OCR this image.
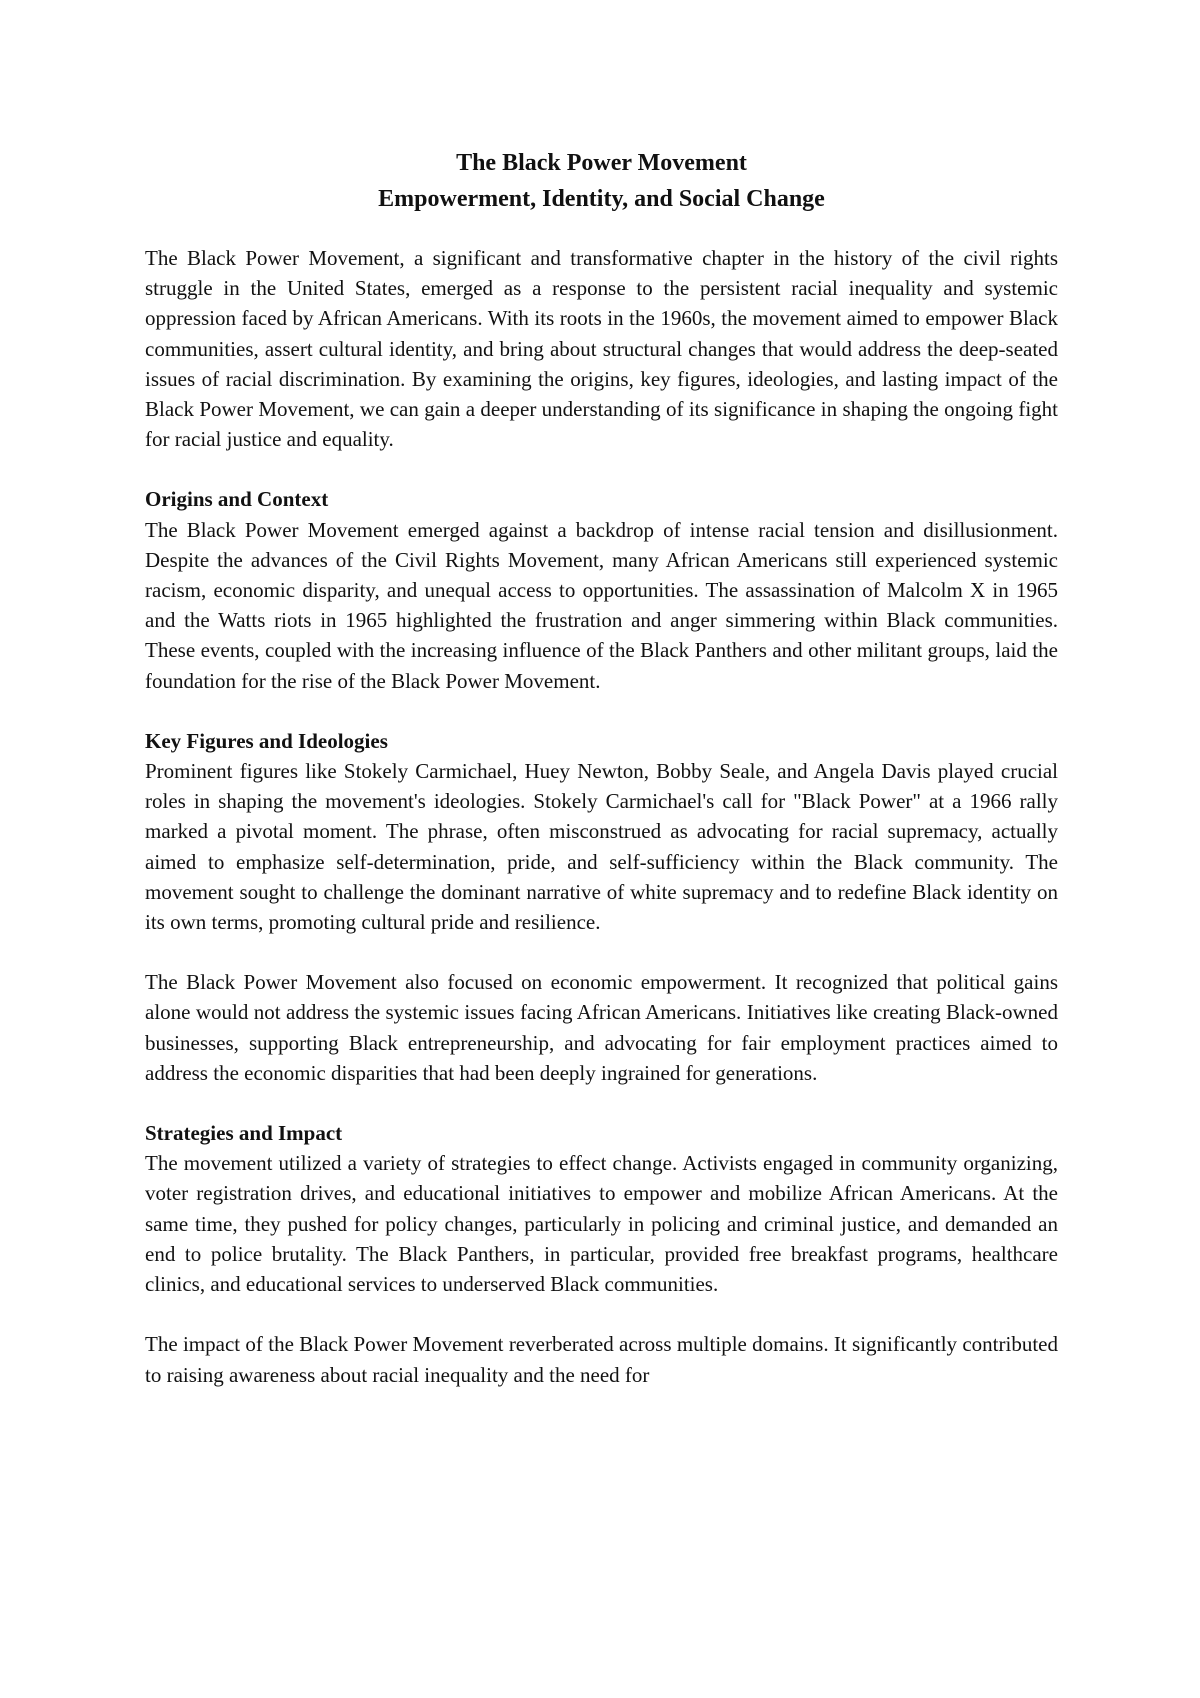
The Black Power Movement

Empowerment, Identity, and Social Change

The Black Power Movement, a significant and transformative chapter in the history of the civil rights struggle in the United States, emerged as a response to the persistent racial inequality and systemic oppression faced by African Americans. With its roots in the 1960s, the movement aimed to empower Black communities, assert cultural identity, and bring about structural changes that would address the deep-seated issues of racial discrimination. By examining the origins, key figures, ideologies, and lasting impact of the Black Power Movement, we can gain a deeper understanding of its significance in shaping the ongoing fight for racial justice and equality.

Origins and Context

The Black Power Movement emerged against a backdrop of intense racial tension and disillusionment. Despite the advances of the Civil Rights Movement, many African Americans still experienced systemic racism, economic disparity, and unequal access to opportunities. The assassination of Malcolm X in 1965 and the Watts riots in 1965 highlighted the frustration and anger simmering within Black communities. These events, coupled with the increasing influence of the Black Panthers and other militant groups, laid the foundation for the rise of the Black Power Movement.

Key Figures and Ideologies

Prominent figures like Stokely Carmichael, Huey Newton, Bobby Seale, and Angela Davis played crucial roles in shaping the movement's ideologies. Stokely Carmichael's call for "Black Power" at a 1966 rally marked a pivotal moment. The phrase, often misconstrued as advocating for racial supremacy, actually aimed to emphasize self-determination, pride, and self-sufficiency within the Black community. The movement sought to challenge the dominant narrative of white supremacy and to redefine Black identity on its own terms, promoting cultural pride and resilience.

The Black Power Movement also focused on economic empowerment. It recognized that political gains alone would not address the systemic issues facing African Americans. Initiatives like creating Black-owned businesses, supporting Black entrepreneurship, and advocating for fair employment practices aimed to address the economic disparities that had been deeply ingrained for generations.

Strategies and Impact

The movement utilized a variety of strategies to effect change. Activists engaged in community organizing, voter registration drives, and educational initiatives to empower and mobilize African Americans. At the same time, they pushed for policy changes, particularly in policing and criminal justice, and demanded an end to police brutality. The Black Panthers, in particular, provided free breakfast programs, healthcare clinics, and educational services to underserved Black communities.

The impact of the Black Power Movement reverberated across multiple domains. It significantly contributed to raising awareness about racial inequality and the need for
